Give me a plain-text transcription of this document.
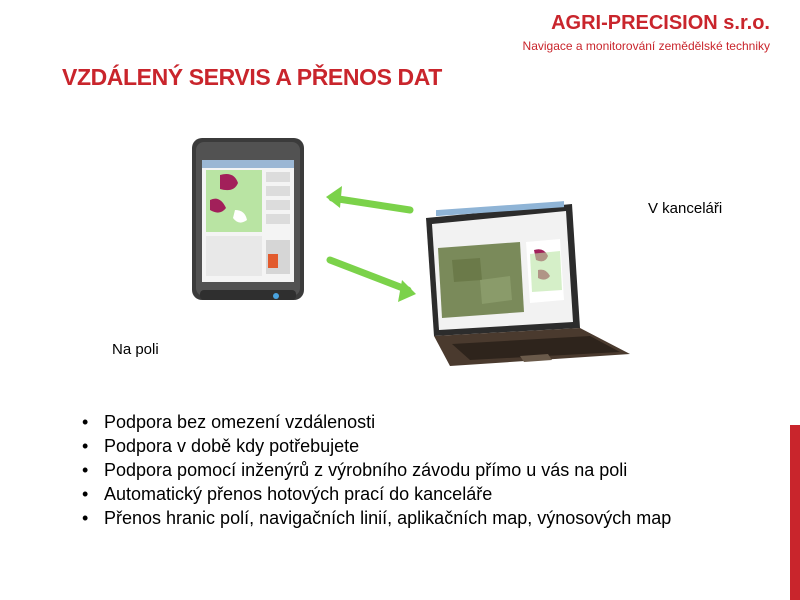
AGRI-PRECISION s.r.o.
Navigace a monitorování zemědělské techniky
VZDÁLENÝ SERVIS A PŘENOS DAT
V kanceláři
Na poli
• Podpora bez omezení vzdálenosti
• Podpora v době kdy potřebujete
• Podpora pomocí inženýrů z výrobního závodu přímo u vás na poli
• Automatický přenos hotových prací do kanceláře
• Přenos hranic polí, navigačních linií, aplikačních map, výnosových map
